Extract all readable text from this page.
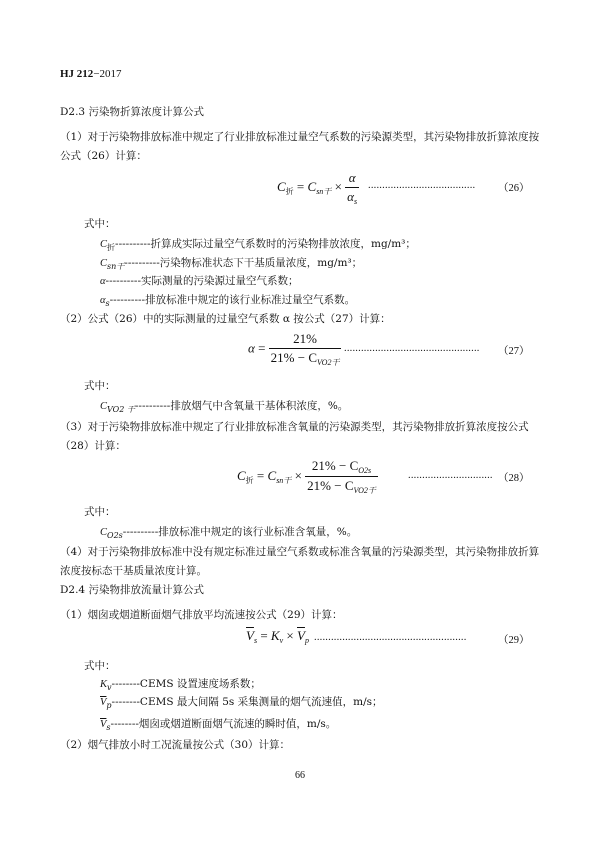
HJ 212−2017
D2.3 污染物折算浓度计算公式
（1）对于污染物排放标准中规定了行业排放标准过量空气系数的污染源类型，其污染物排放折算浓度按公式（26）计算：
$C_折 = C_{sn干} \times \frac{\alpha}{\alpha_s}$ ...................................... （26）
式中：
$C_折----------$折算成实际过量空气系数时的污染物排放浓度，mg/m³；
$C_{sn干}----------$污染物标准状态下干基质量浓度，mg/m³；
α----------实际测量的污染源过量空气系数；
$\alpha_s----------$排放标准中规定的该行业标准过量空气系数。
（2）公式（26）中的实际测量的过量空气系数 α 按公式（27）计算：
$\alpha = \frac{21\%}{21\% - C_{VO2干}}$ ................................................ （27）
式中：
$C_{VO2 干}----------$排放烟气中含氧量干基体积浓度，%。
（3）对于污染物排放标准中规定了行业排放标准含氧量的污染源类型，其污染物排放折算浓度按公式（28）计算：
$C_折 = C_{sn干} \times \frac{21\% - C_{O2s}}{21\% - C_{VO2干}}$	.............................. （28）
式中：
$C_{O2s}----------$排放标准中规定的该行业标准含氧量，%。
（4）对于污染物排放标准中没有规定标准过量空气系数或标准含氧量的污染源类型，其污染物排放折算浓度按标态干基质量浓度计算。
D2.4 污染物排放流量计算公式
（1）烟囱或烟道断面烟气排放平均流速按公式（29）计算：
$\overline{V}_s = K_v \times \overline{V}_p$ ......................................................	（29）
式中：
$K_v-------$-CEMS 设置速度场系数；
$\overline{V}_p-------$-CEMS 最大间隔 5s 采集测量的烟气流速值，m/s；
$\overline{V}_s--------$烟囱或烟道断面烟气流速的瞬时值，m/s。
（2）烟气排放小时工况流量按公式（30）计算：
66
